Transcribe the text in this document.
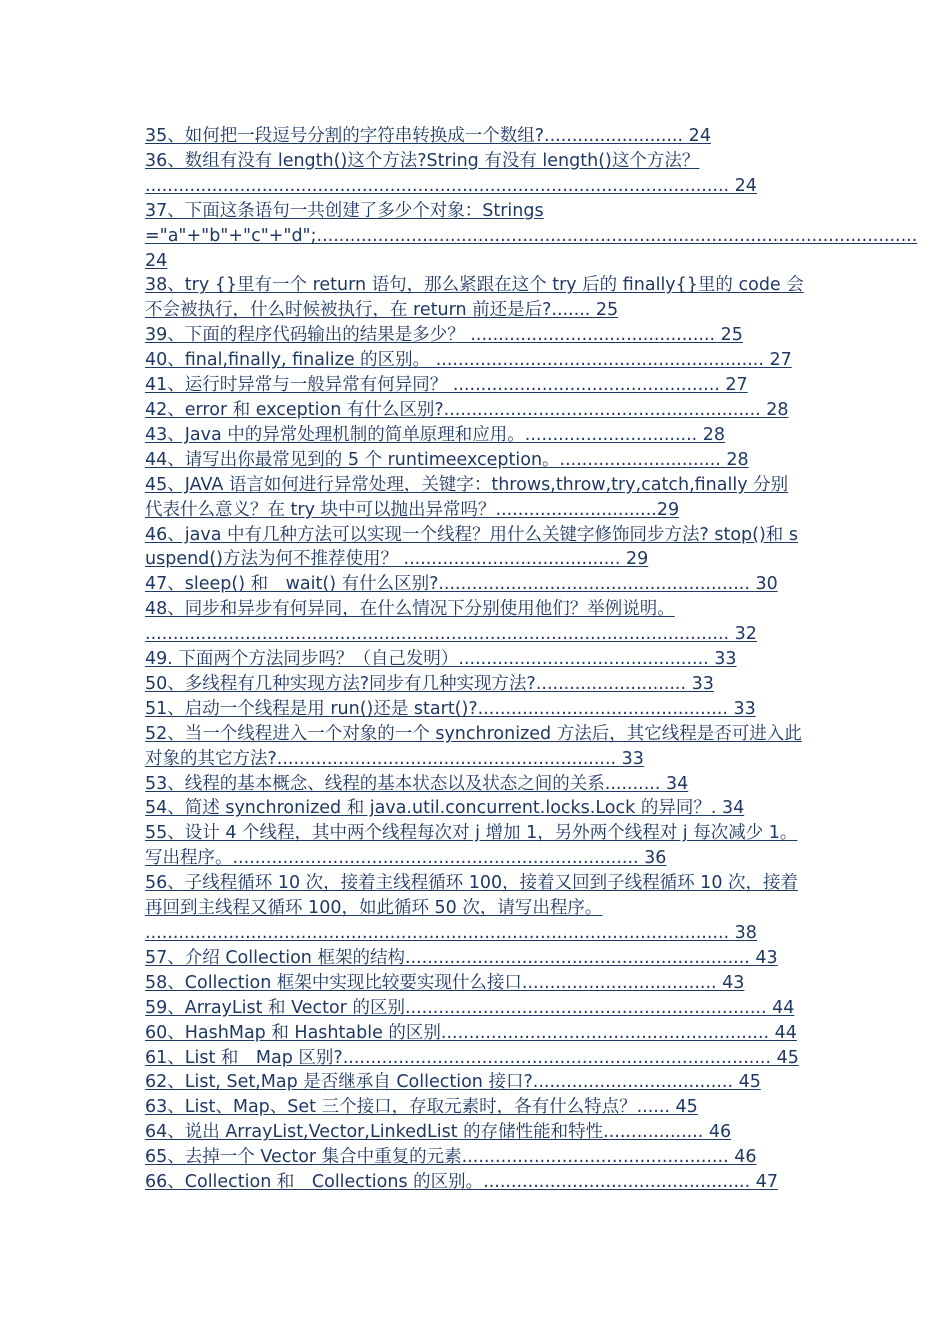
35、如何把一段逗号分割的字符串转换成一个数组?......................... 24
36、数组有没有 length()这个方法?String 有没有 length()这个方法？ ......................................................................................................... 24
37、下面这条语句一共创建了多少个对象：Strings="a"+"b"+"c"+"d";............................................................................................................ 24
38、try {}里有一个 return 语句，那么紧跟在这个 try 后的 finally{}里的 code 会不会被执行，什么时候被执行，在 return 前还是后?....... 25
39、下面的程序代码输出的结果是多少？ ............................................ 25
40、final,finally, finalize 的区别。 ........................................................... 27
41、运行时异常与一般异常有何异同？ ................................................ 27
42、error 和 exception 有什么区别?......................................................... 28
43、Java 中的异常处理机制的简单原理和应用。............................... 28
44、请写出你最常见到的 5 个 runtimeexception。............................. 28
45、JAVA 语言如何进行异常处理，关键字：throws,throw,try,catch,finally 分别代表什么意义？在 try 块中可以抛出异常吗？.............................29
46、java 中有几种方法可以实现一个线程？用什么关键字修饰同步方法? stop()和 suspend()方法为何不推荐使用？ ....................................... 29
47、sleep() 和　wait() 有什么区别?........................................................ 30
48、同步和异步有何异同，在什么情况下分别使用他们？举例说明。 ......................................................................................................... 32
49. 下面两个方法同步吗？（自己发明）............................................. 33
50、多线程有几种实现方法?同步有几种实现方法?........................... 33
51、启动一个线程是用 run()还是 start()?............................................. 33
52、当一个线程进入一个对象的一个 synchronized 方法后，其它线程是否可进入此对象的其它方法?............................................................. 33
53、线程的基本概念、线程的基本状态以及状态之间的关系.......... 34
54、简述 synchronized 和 java.util.concurrent.locks.Lock 的异同？. 34
55、设计 4 个线程，其中两个线程每次对 j 增加 1，另外两个线程对 j 每次减少 1。写出程序。......................................................................... 36
56、子线程循环 10 次，接着主线程循环 100，接着又回到子线程循环 10 次，接着再回到主线程又循环 100，如此循环 50 次，请写出程序。 ......................................................................................................... 38
57、介绍 Collection 框架的结构.............................................................. 43
58、Collection 框架中实现比较要实现什么接口................................... 43
59、ArrayList 和 Vector 的区别................................................................. 44
60、HashMap 和 Hashtable 的区别........................................................... 44
61、List 和　Map 区别?............................................................................. 45
62、List, Set,Map 是否继承自 Collection 接口?.................................... 45
63、List、Map、Set 三个接口，存取元素时，各有什么特点？...... 45
64、说出 ArrayList,Vector,LinkedList 的存储性能和特性.................. 46
65、去掉一个 Vector 集合中重复的元素................................................ 46
66、Collection 和　Collections 的区别。................................................ 47
